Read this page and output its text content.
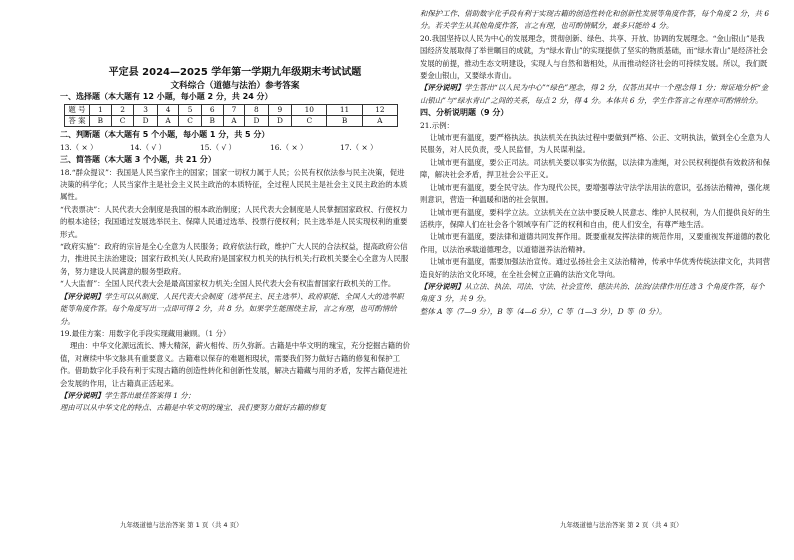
平定县 2024—2025 学年第一学期九年级期末考试试题
文科综合（道德与法治）参考答案
一、选择题（本大题有 12 小题，每小题 2 分，共 24 分）
题 号	1	2	3	4	5	6	7	8	9	10	11	12
答 案	B	C	D	A	C	B	A	D	D	C	B	A
二、判断题（本大题有 5 个小题，每小题 1 分，共 5 分）
13.（ × ）	14.（ √ ）	15.（ √ ）	16.（ × ）	17.（ × ）
三、简答题（本大题 3 个小题，共 21 分）

18.“群众提议”：我国是人民当家作主的国家；国家一切权力属于人民；公民有权依法参与民主决策，促进决策的科学化；人民当家作主是社会主义民主政治的本质特征，全过程人民民主是社会主义民主政治的本质属性。

“代表票决”：人民代表大会制度是我国的根本政治制度；人民代表大会制度是人民掌握国家政权、行使权力的根本途径；我国通过发展选举民主、保障人民通过选举、投票行使权利；民主选举是人民实现权利的重要形式。

“政府实施”：政府的宗旨是全心全意为人民服务；政府依法行政，维护广大人民的合法权益，提高政府公信力，推进民主法治建设；国家行政机关(人民政府)是国家权力机关的执行机关;行政机关要全心全意为人民服务，努力建设人民满意的服务型政府。

“人大监督”：全国人民代表大会是最高国家权力机关;全国人民代表大会有权监督国家行政机关的工作。

【评分说明】学生可以从制度、人民代表大会制度（选举民主、民主选举）、政府职能、全国人大的选举职能等角度作答。每个角度写出一点即可得 2 分，共 8 分。如果学生能围绕主旨，言之有理，也可酌情给分。

19.最佳方案：用数字化手段实现藏用兼顾。（1 分）

理由：中华文化源远流长、博大精深，薪火相传、历久弥新。古籍是中华文明的瑰宝，充分挖掘古籍的价值，对赓续中华文脉具有重要意义。古籍难以保存的难题相現状，需要我们努力做好古籍的修复和保护工作。借助数字化手段有利于实现古籍的创造性转化和创新性发展，解决古籍藏与用的矛盾，发挥古籍促进社会发展的作用，让古籍真正活起来。

【评分说明】学生答出最佳答案得 1 分；

理由可以从中华文化的特点、古籍是中华文明的瑰宝、我们要努力做好古籍的修复

和保护工作、借助数字化手段有利于实现古籍的创造性转化和创新性发展等角度作答，每个角度 2 分，共 6 分。若关学生从其他角度作答，言之有理，也可酌情赋分，最多只能给 4 分。

20.我国坚持以人民为中心的发展理念，贯彻创新、绿色、共享、开放、协调的发展理念。“金山银山”是我国经济发展取得了举世瞩目的成就，为“绿水青山”的实现提供了坚实的物质基础，而“绿水青山”是经济社会发展的前提，推动生态文明建设，实现人与自然和谐相处，从而推动经济社会的可持续发展。所以，我们既要金山银山，又要绿水青山。

【评分说明】学生答出“以人民为中心”“绿色”理念，得 2 分，仅答出其中一个理念得 1 分；辩证地分析“金山银山”与“绿水青山”之间的关系，每点 2 分，得 4 分。本体共 6 分，学生作答言之有理亦可酌情给分。

四、分析说明题（9 分）

21.示例：

让城市更有温度，要严格执法。执法机关在执法过程中要做到严格、公正、文明执法，做到全心全意为人民服务，对人民负责，受人民监督，为人民谋利益。

让城市更有温度，要公正司法。司法机关要以事实为依据，以法律为准绳，对公民权利提供有效救济和保障，解决社会矛盾，捍卫社会公平正义。

让城市更有温度，要全民守法。作为现代公民，要增强尊法守法学法用法的意识，弘扬法治精神，强化规则意识，营造一种温暖和谐的社会氛围。

让城市更有温度，要科学立法。立法机关在立法中要反映人民意志、维护人民权利，为人们提供良好的生活秩序，保障人们在社会各个领域享有广泛的权利和自由，使人们安全，有尊严地生活。

让城市更有温度，要法律和道德共同发挥作用。既要重视发挥法律的规范作用，又要重视发挥道德的教化作用，以法治承载道德理念，以道德滋养法治精神。

让城市更有温度，需要加强法治宣传。通过弘扬社会主义法治精神，传承中华优秀传统法律文化，共同营造良好的法治文化环境，在全社会树立正确的法治文化导向。

【评分说明】从立法、执法、司法、守法、社会宣传、德法共治、法治/法律作用任选 3 个角度作答，每个角度 3 分，共 9 分。

整体 A 等（7—9 分），B 等（4—6 分），C 等（1—3 分），D 等（0 分）。

九年级道德与法治答案 第 1 页（共 4 页）	九年级道德与法治答案 第 2 页（共 4 页）
